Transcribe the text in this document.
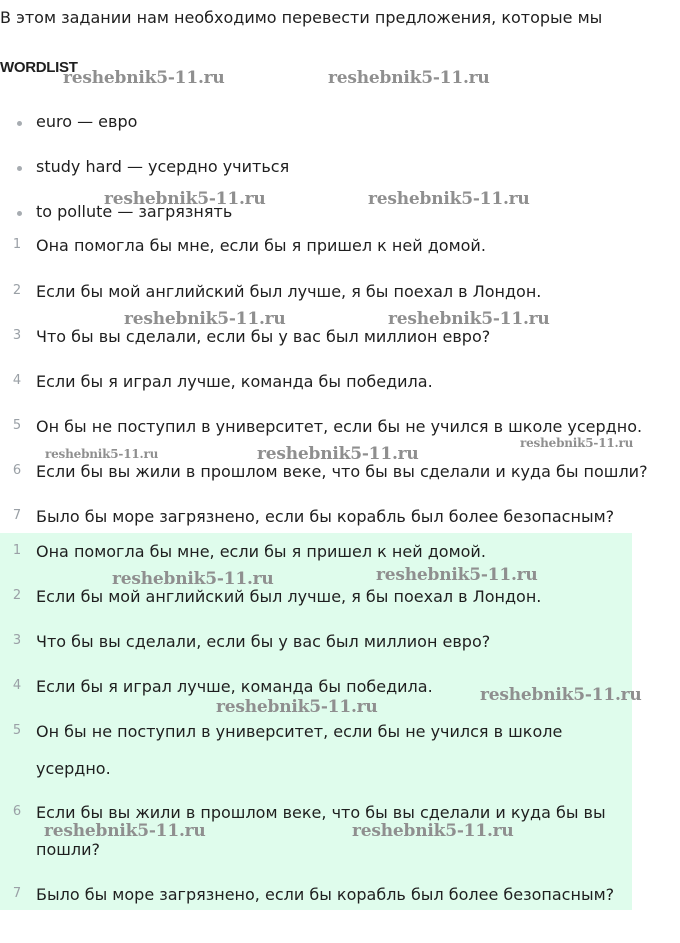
В этом задании нам необходимо перевести предложения, которые мы
WORDLIST
euro — евро
study hard — усердно учиться
to pollute — загрязнять
1 Она помогла бы мне, если бы я пришел к ней домой.
2 Если бы мой английский был лучше, я бы поехал в Лондон.
3 Что бы вы сделали, если бы у вас был миллион евро?
4 Если бы я играл лучше, команда бы победила.
5 Он бы не поступил в университет, если бы не учился в школе усердно.
6 Если бы вы жили в прошлом веке, что бы вы сделали и куда бы пошли?
7 Было бы море загрязнено, если бы корабль был более безопасным?
1 Она помогла бы мне, если бы я пришел к ней домой.
2 Если бы мой английский был лучше, я бы поехал в Лондон.
3 Что бы вы сделали, если бы у вас был миллион евро?
4 Если бы я играл лучше, команда бы победила.
5 Он бы не поступил в университет, если бы не учился в школе
усердно.
6 Если бы вы жили в прошлом веке, что бы вы сделали и куда бы вы
пошли?
7 Было бы море загрязнено, если бы корабль был более безопасным?
reshebnik5-11.ru	reshebnik5-11.ru
reshebnik5-11.ru	reshebnik5-11.ru
reshebnik5-11.ru	reshebnik5-11.ru
reshebnik5-11.ru
reshebnik5-11.ru	reshebnik5-11.ru
reshebnik5-11.ru	reshebnik5-11.ru
reshebnik5-11.ru
reshebnik5-11.ru
reshebnik5-11.ru	reshebnik5-11.ru
